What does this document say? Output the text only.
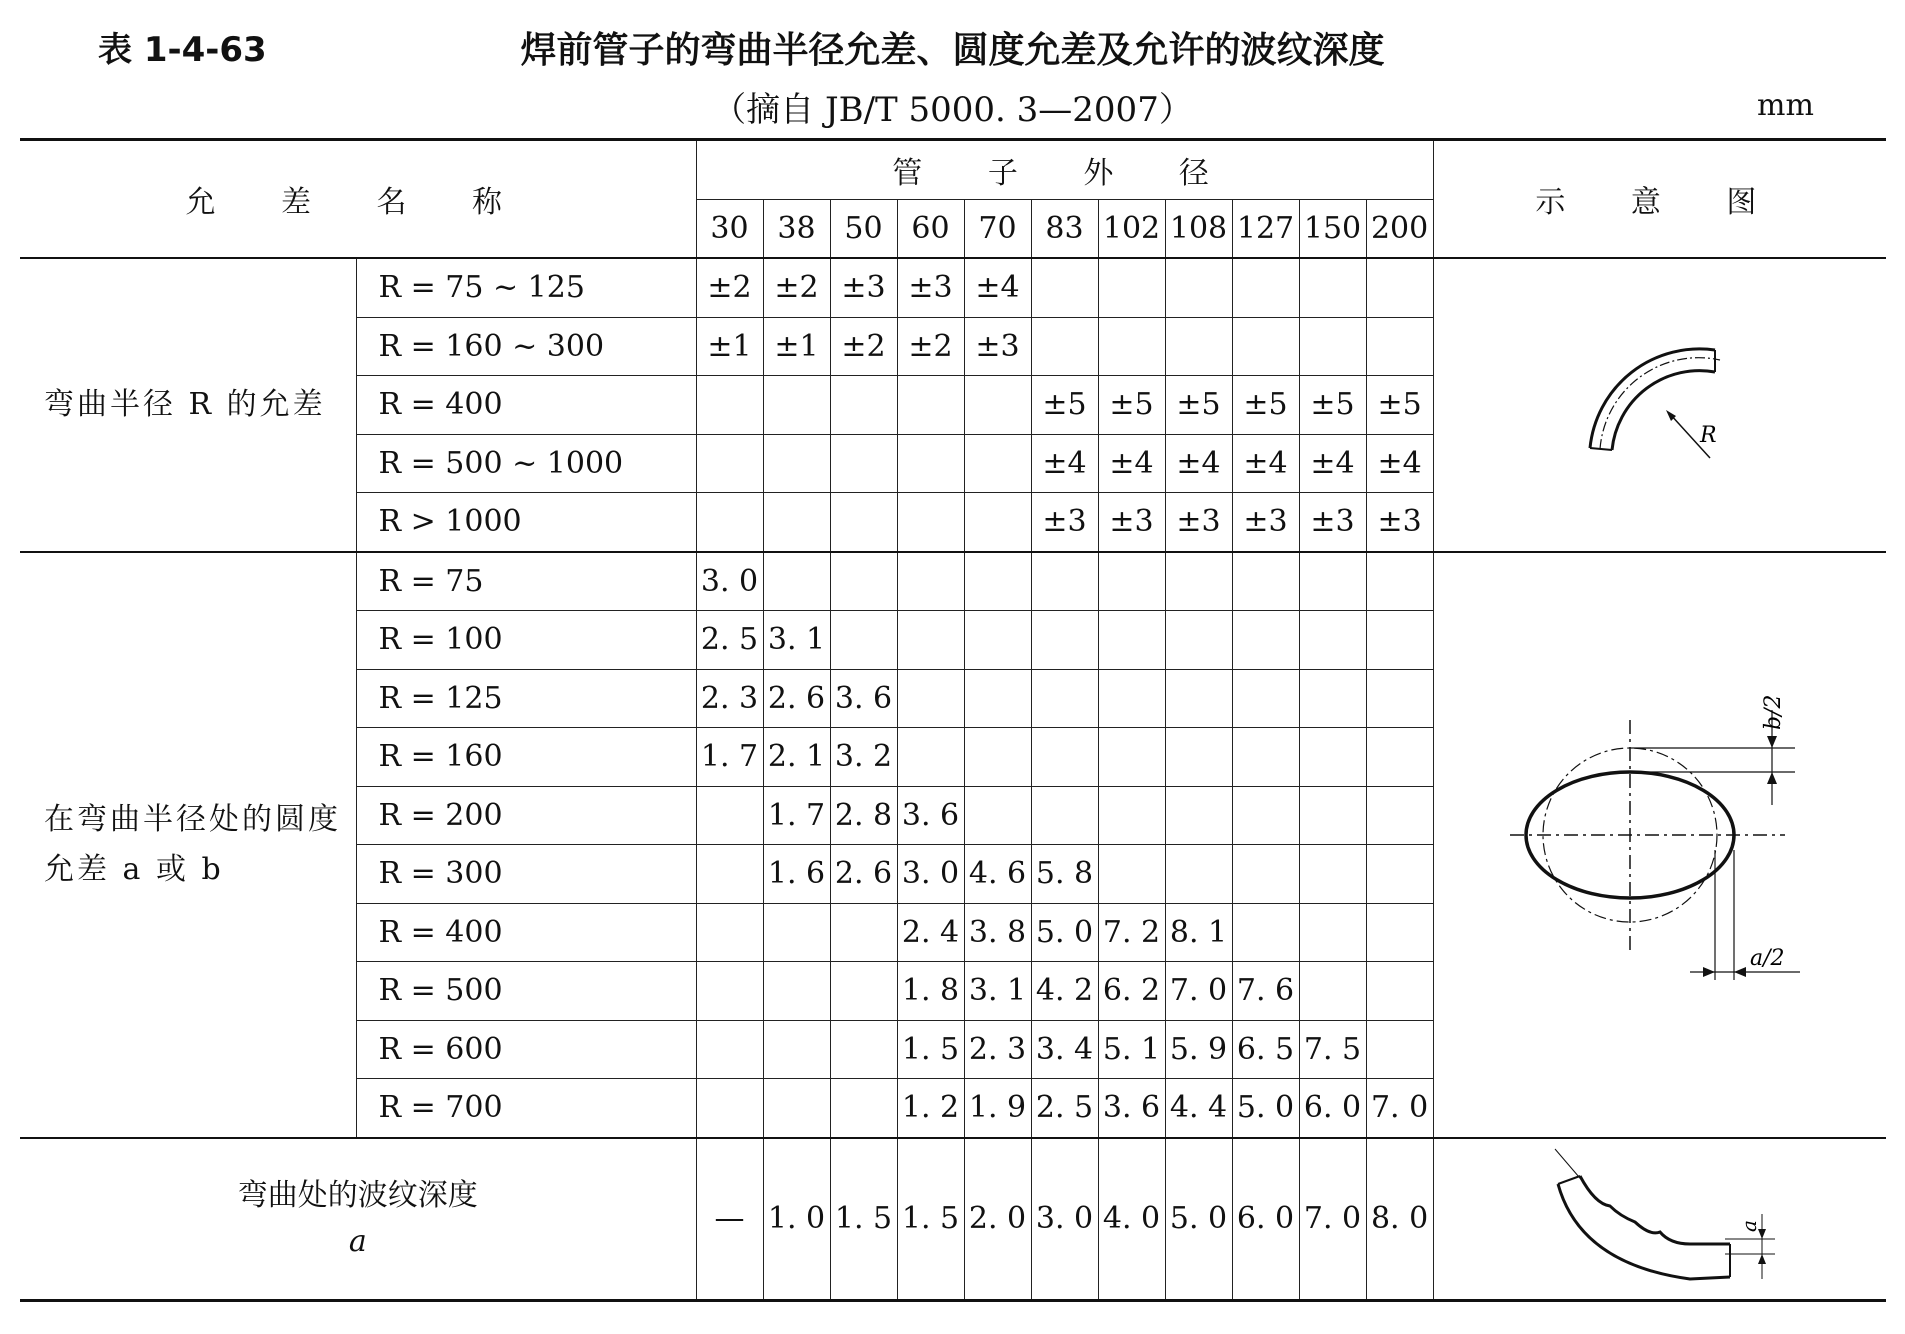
表 1-4-63	焊前管子的弯曲半径允差、圆度允差及允许的波纹深度
（摘自 JB/T 5000. 3—2007）	mm
允 差 名 称		管 子 外 径											示 意 图
		30	38	50	60	70	83	102	108	127	150	200	
弯曲半径 R 的允差	R = 75 ~ 125	±2	±2	±3	±3	±4							R

	R = 160 ~ 300	±1	±1	±2	±2	±3							
	R = 400						±5	±5	±5	±5	±5	±5	
	R = 500 ~ 1000						±4	±4	±4	±4	±4	±4	
	R > 1000						±3	±3	±3	±3	±3	±3	
在弯曲半径处的圆度允差 a 或 b	R = 75	3. 0											b/2
a/2

	R = 100	2. 5	3. 1										
	R = 125	2. 3	2. 6	3. 6									
	R = 160	1. 7	2. 1	3. 2									
	R = 200		1. 7	2. 8	3. 6								
	R = 300		1. 6	2. 6	3. 0	4. 6	5. 8						
	R = 400				2. 4	3. 8	5. 0	7. 2	8. 1				
	R = 500				1. 8	3. 1	4. 2	6. 2	7. 0	7. 6			
	R = 600				1. 5	2. 3	3. 4	5. 1	5. 9	6. 5	7. 5		
	R = 700				1. 2	1. 9	2. 5	3. 6	4. 4	5. 0	6. 0	7. 0	

弯曲处的波纹深度
a		—	1. 0	1. 5	1. 5	2. 0	3. 0	4. 0	5. 0	6. 0	7. 0	8. 0	a
